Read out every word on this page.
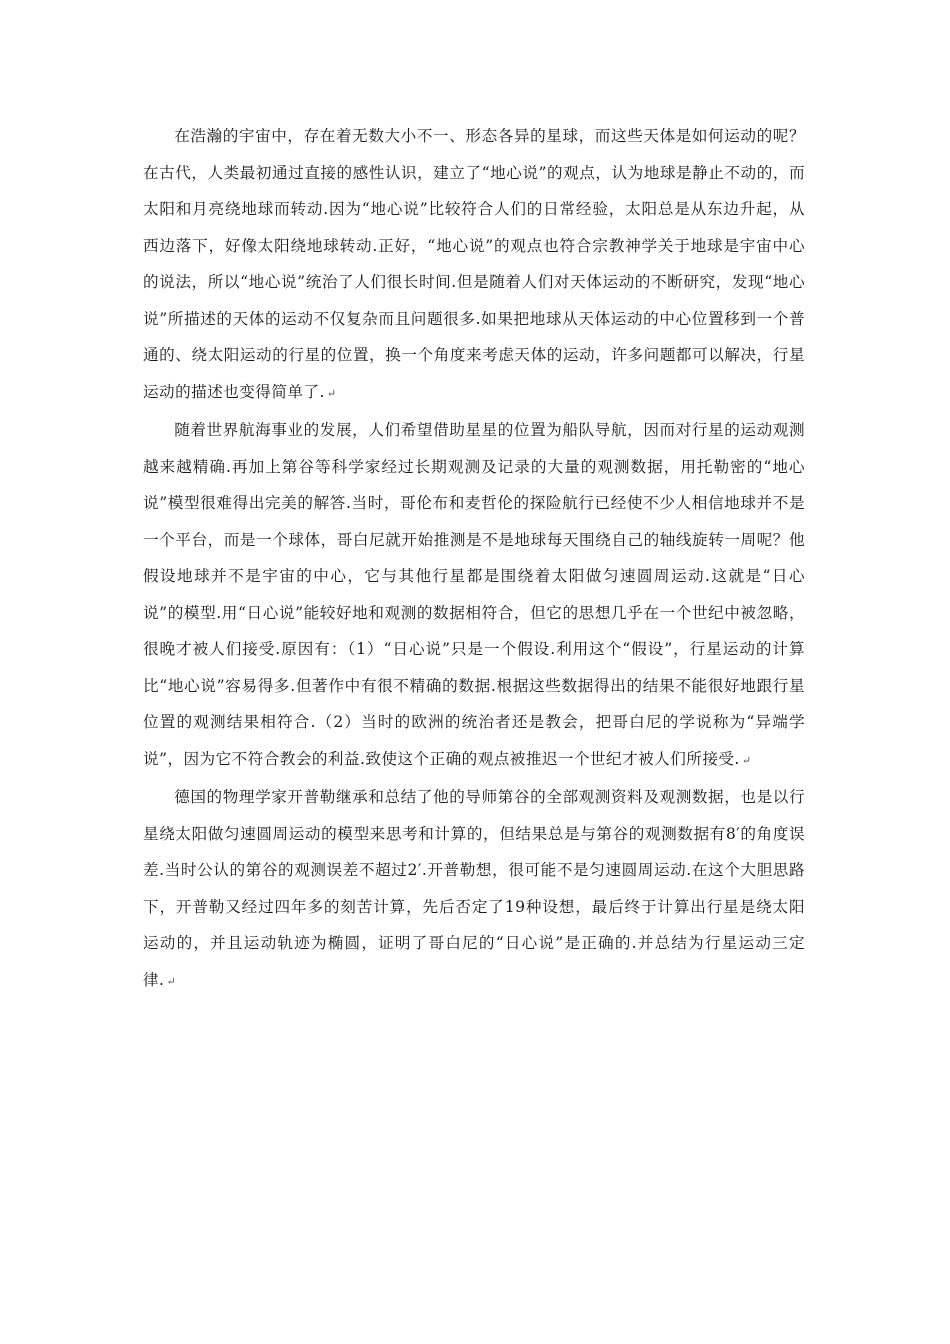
在浩瀚的宇宙中，存在着无数大小不一、形态各异的星球，而这些天体是如何运动的呢？在古代，人类最初通过直接的感性认识，建立了“地心说”的观点，认为地球是静止不动的，而太阳和月亮绕地球而转动.因为“地心说”比较符合人们的日常经验，太阳总是从东边升起，从西边落下，好像太阳绕地球转动.正好，“地心说”的观点也符合宗教神学关于地球是宇宙中心的说法，所以“地心说”统治了人们很长时间.但是随着人们对天体运动的不断研究，发现“地心说”所描述的天体的运动不仅复杂而且问题很多.如果把地球从天体运动的中心位置移到一个普通的、绕太阳运动的行星的位置，换一个角度来考虑天体的运动，许多问题都可以解决，行星运动的描述也变得简单了. ↵

随着世界航海事业的发展，人们希望借助星星的位置为船队导航，因而对行星的运动观测越来越精确.再加上第谷等科学家经过长期观测及记录的大量的观测数据，用托勒密的“地心说”模型很难得出完美的解答.当时，哥伦布和麦哲伦的探险航行已经使不少人相信地球并不是一个平台，而是一个球体，哥白尼就开始推测是不是地球每天围绕自己的轴线旋转一周呢？他假设地球并不是宇宙的中心，它与其他行星都是围绕着太阳做匀速圆周运动.这就是“日心说”的模型.用“日心说”能较好地和观测的数据相符合，但它的思想几乎在一个世纪中被忽略，很晚才被人们接受.原因有：（1）“日心说”只是一个假设.利用这个“假设”，行星运动的计算比“地心说”容易得多.但著作中有很不精确的数据.根据这些数据得出的结果不能很好地跟行星位置的观测结果相符合.（2）当时的欧洲的统治者还是教会，把哥白尼的学说称为“异端学说”，因为它不符合教会的利益.致使这个正确的观点被推迟一个世纪才被人们所接受. ↵

德国的物理学家开普勒继承和总结了他的导师第谷的全部观测资料及观测数据，也是以行星绕太阳做匀速圆周运动的模型来思考和计算的，但结果总是与第谷的观测数据有8′的角度误差.当时公认的第谷的观测误差不超过2′.开普勒想，很可能不是匀速圆周运动.在这个大胆思路下，开普勒又经过四年多的刻苦计算，先后否定了19种设想，最后终于计算出行星是绕太阳运动的，并且运动轨迹为椭圆，证明了哥白尼的“日心说”是正确的.并总结为行星运动三定律. ↵
